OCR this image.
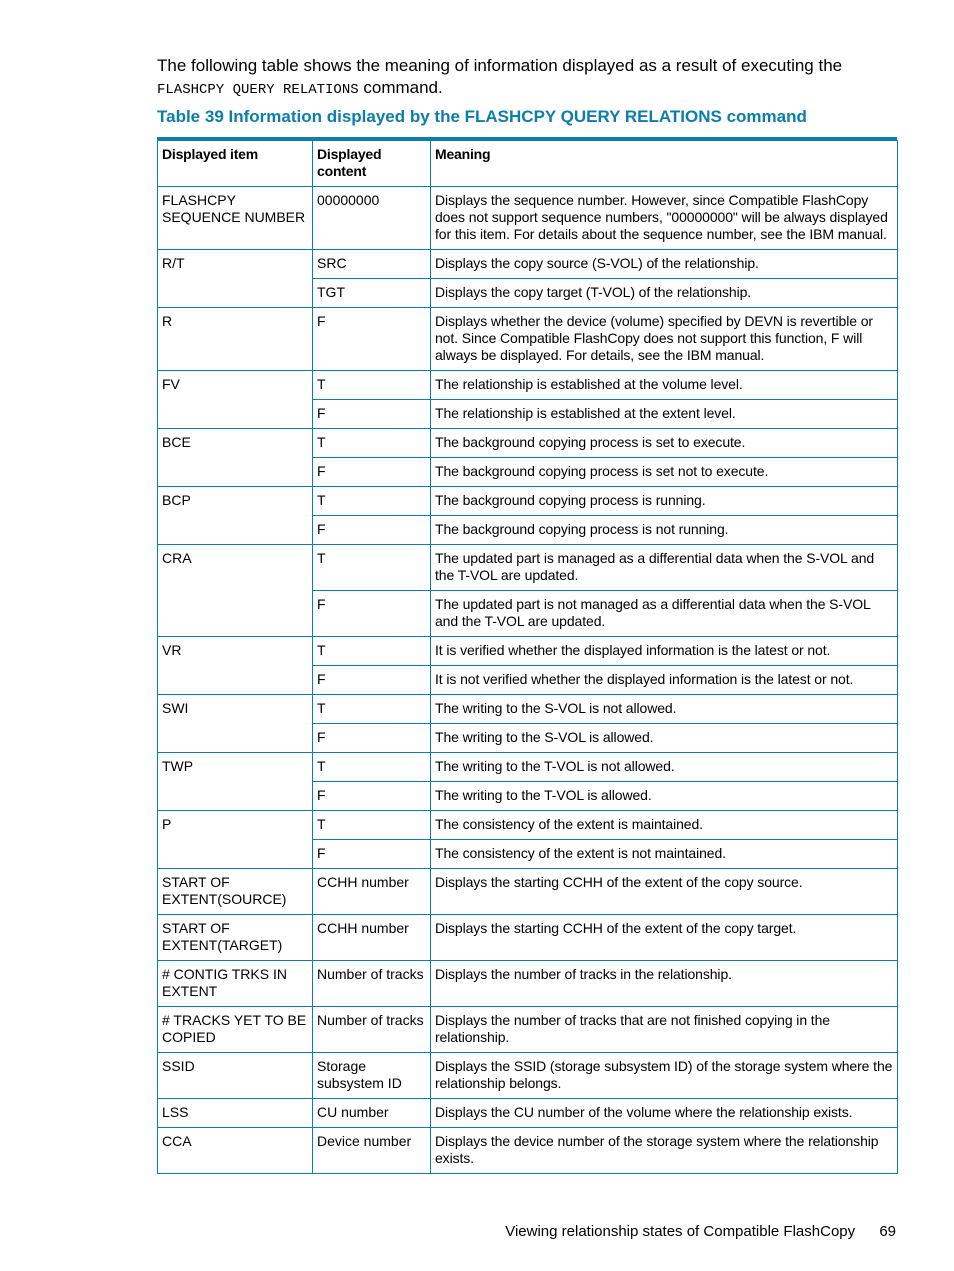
The following table shows the meaning of information displayed as a result of executing the
FLASHCPY QUERY RELATIONS command.
Table 39 Information displayed by the FLASHCPY QUERY RELATIONS command
Displayed item	Displayed content	Meaning
FLASHCPY SEQUENCE NUMBER	00000000	Displays the sequence number. However, since Compatible FlashCopy does not support sequence numbers, "00000000" will be always displayed for this item. For details about the sequence number, see the IBM manual.
R/T	SRC	Displays the copy source (S-VOL) of the relationship.
	TGT	Displays the copy target (T-VOL) of the relationship.
R	F	Displays whether the device (volume) specified by DEVN is revertible or not. Since Compatible FlashCopy does not support this function, F will always be displayed. For details, see the IBM manual.
FV	T	The relationship is established at the volume level.
	F	The relationship is established at the extent level.
BCE	T	The background copying process is set to execute.
	F	The background copying process is set not to execute.
BCP	T	The background copying process is running.
	F	The background copying process is not running.
CRA	T	The updated part is managed as a differential data when the S-VOL and the T-VOL are updated.
	F	The updated part is not managed as a differential data when the S-VOL and the T-VOL are updated.
VR	T	It is verified whether the displayed information is the latest or not.
	F	It is not verified whether the displayed information is the latest or not.
SWI	T	The writing to the S-VOL is not allowed.
	F	The writing to the S-VOL is allowed.
TWP	T	The writing to the T-VOL is not allowed.
	F	The writing to the T-VOL is allowed.
P	T	The consistency of the extent is maintained.
	F	The consistency of the extent is not maintained.
START OF EXTENT(SOURCE)	CCHH number	Displays the starting CCHH of the extent of the copy source.
START OF EXTENT(TARGET)	CCHH number	Displays the starting CCHH of the extent of the copy target.
# CONTIG TRKS IN EXTENT	Number of tracks	Displays the number of tracks in the relationship.
# TRACKS YET TO BE COPIED	Number of tracks	Displays the number of tracks that are not finished copying in the relationship.
SSID	Storage subsystem ID	Displays the SSID (storage subsystem ID) of the storage system where the relationship belongs.
LSS	CU number	Displays the CU number of the volume where the relationship exists.
CCA	Device number	Displays the device number of the storage system where the relationship exists.
Viewing relationship states of Compatible FlashCopy 69
